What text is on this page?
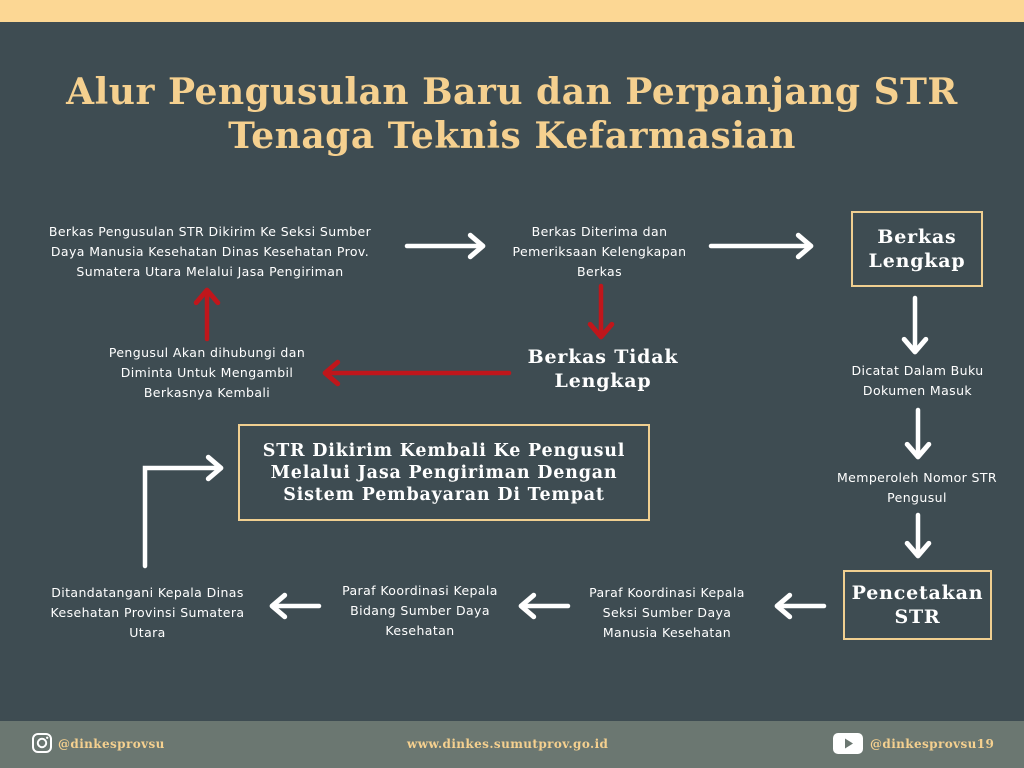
Alur Pengusulan Baru dan Perpanjang STR
Tenaga Teknis Kefarmasian
Berkas Pengusulan STR Dikirim Ke Seksi Sumber
Daya Manusia Kesehatan Dinas Kesehatan Prov.
Sumatera Utara Melalui Jasa Pengiriman
Berkas Diterima dan
Pemeriksaan Kelengkapan
Berkas
Berkas
Lengkap
Berkas Tidak
Lengkap
Pengusul Akan dihubungi dan
Diminta Untuk Mengambil
Berkasnya Kembali
Dicatat Dalam Buku
Dokumen Masuk
Memperoleh Nomor STR
Pengusul
Pencetakan
STR
Paraf Koordinasi Kepala
Seksi Sumber Daya
Manusia Kesehatan
Paraf Koordinasi Kepala
Bidang Sumber Daya
Kesehatan
Ditandatangani Kepala Dinas
Kesehatan Provinsi Sumatera
Utara
STR Dikirim Kembali Ke Pengusul
Melalui Jasa Pengiriman Dengan
Sistem Pembayaran Di Tempat
@dinkesprovsu	www.dinkes.sumutprov.go.id	@dinkesprovsu19
